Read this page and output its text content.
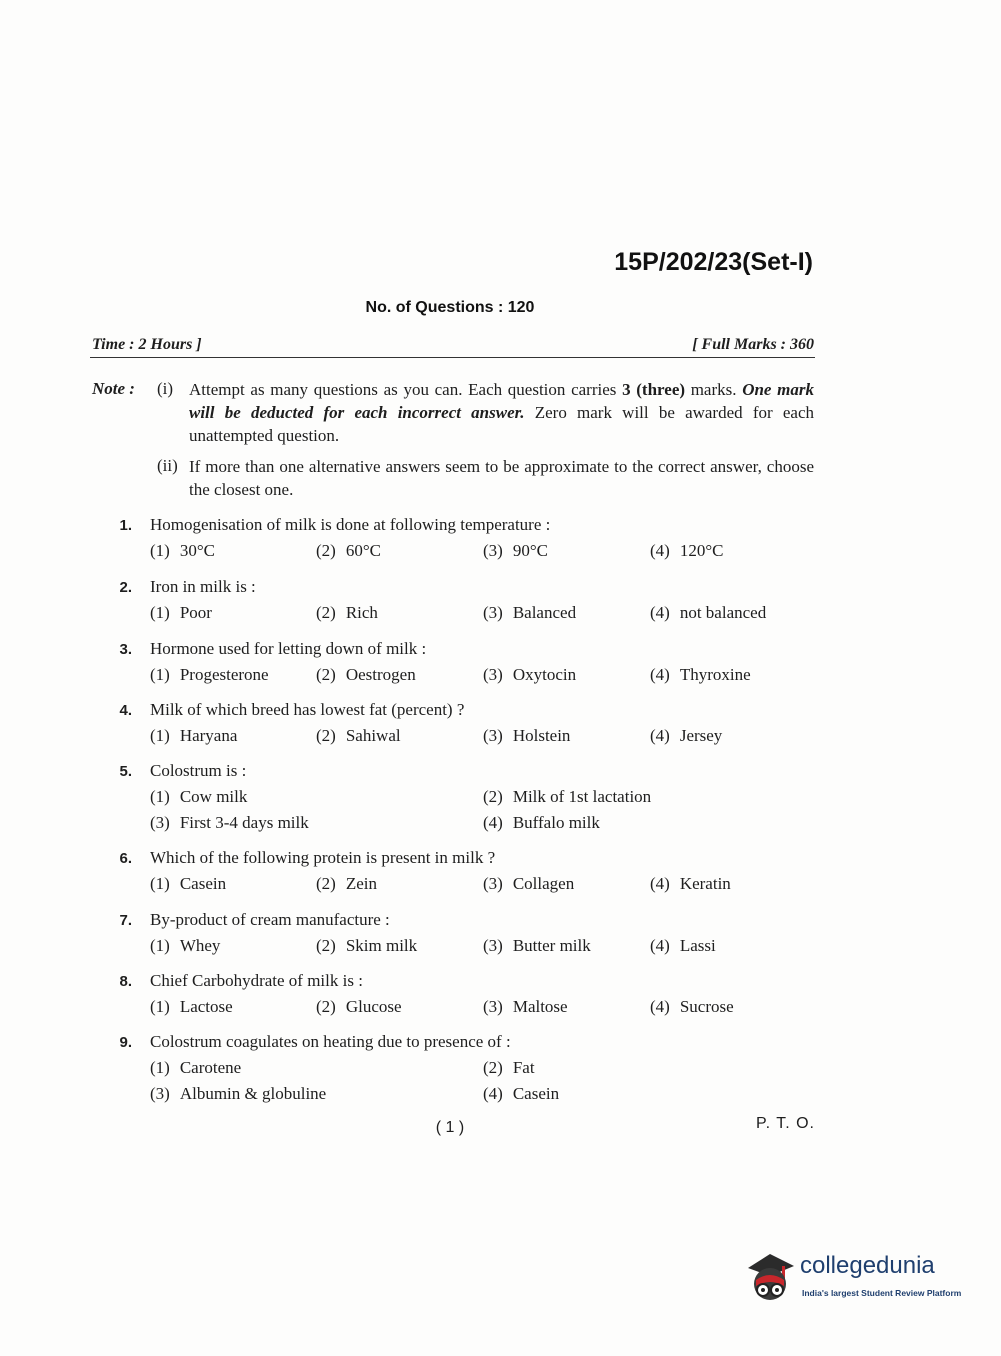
15P/202/23(Set-I)
No. of Questions : 120
Time : 2 Hours ]	[ Full Marks : 360
Note : (i) Attempt as many questions as you can. Each question carries 3 (three) marks. One mark will be deducted for each incorrect answer. Zero mark will be awarded for each unattempted question.
(ii) If more than one alternative answers seem to be approximate to the correct answer, choose the closest one.
1. Homogenisation of milk is done at following temperature :
(1) 30°C	(2) 60°C	(3) 90°C	(4) 120°C
2. Iron in milk is :
(1) Poor	(2) Rich	(3) Balanced	(4) not balanced
3. Hormone used for letting down of milk :
(1) Progesterone	(2) Oestrogen	(3) Oxytocin	(4) Thyroxine
4. Milk of which breed has lowest fat (percent) ?
(1) Haryana	(2) Sahiwal	(3) Holstein	(4) Jersey
5. Colostrum is :
(1) Cow milk	(2) Milk of 1st lactation
(3) First 3-4 days milk	(4) Buffalo milk
6. Which of the following protein is present in milk ?
(1) Casein	(2) Zein	(3) Collagen	(4) Keratin
7. By-product of cream manufacture :
(1) Whey	(2) Skim milk	(3) Butter milk	(4) Lassi
8. Chief Carbohydrate of milk is :
(1) Lactose	(2) Glucose	(3) Maltose	(4) Sucrose
9. Colostrum coagulates on heating due to presence of :
(1) Carotene	(2) Fat
(3) Albumin & globuline	(4) Casein
( 1 )	P. T. O.
collegedunia
India's largest Student Review Platform
